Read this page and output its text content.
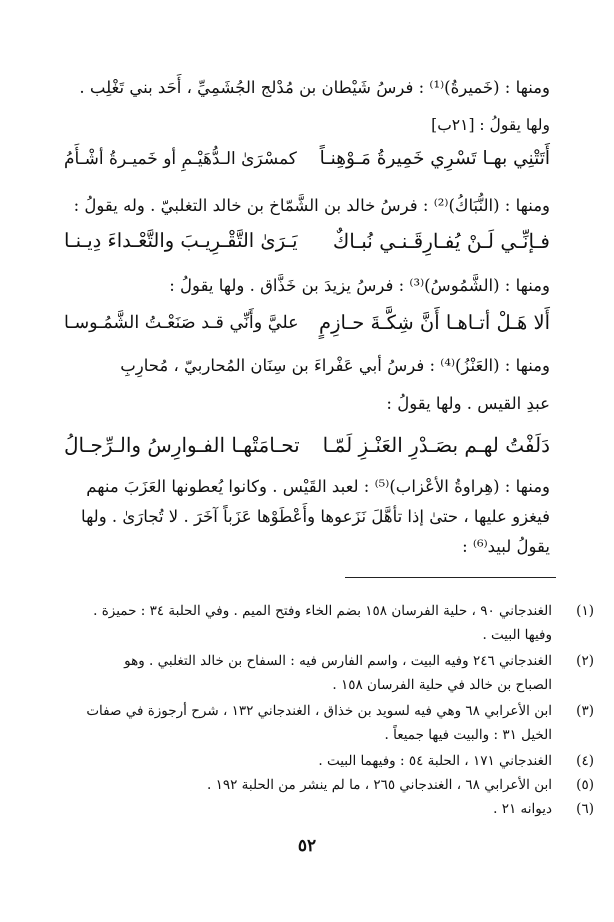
ومنها : (خَميرةُ)⁽¹⁾ : فرسُ شَيْطان بن مُدْلج الجُشَمِيِّ ، أَحَد بني تَغْلِب .
ولها يقولُ : [٢١ب]
أَتَتْنِي بهـا تَسْرِي خَمِيرةُ مَـوْهِنـاً
كمسْرَىٰ الـدُّهَيْـمِ أو خَميـرةُ أشْـأَمُ
ومنها : (النُّبَاكُ)⁽²⁾ : فرسُ خالد بن الشَّمّاخ بن خالد التغلبيّ . وله يقولُ :
فـإنِّـي لَـنْ يُفـارِقَـنـي نُبـاكٌ
يَـرَىٰ التَّقْـرِيـبَ والتَّعْـداءَ دِيـنـا
ومنها : (الشَّمُوسُ)⁽³⁾ : فرسُ يزيدَ بن خَذَّاق . ولها يقولُ :
أَلا هَـلْ أتـاهـا أَنَّ شِكَّـةَ حـازِمٍ
عليَّ وأَنِّي قـد صَنَعْـتُ الشَّمُـوسـا
ومنها : (العَنْزُ)⁽⁴⁾ : فرسُ أبي عَفْراءَ بن سِنَان المُحاربيّ ، مُحارِبِ
عبدِ القيس . ولها يقولُ :
دَلَفْتُ لهـم بصَـدْرِ العَنْـزِ لَمّـا
تحـامَتْهـا الفـوارِسُ والـرِّجـالُ
ومنها : (هِراوةُ الأعْزاب)⁽⁵⁾ : لعبد القَيْس . وكانوا يُعطونها العَزَبَ منهم
فيغزو عليها ، حتىٰ إذا تأهَّلَ نَزَعوها وأَعْطَوْها عَزَباً آخَرَ . لا تُجارَىٰ . ولها
يقولُ لبيد⁽⁶⁾ :
(١)
الغندجاني ٩٠ ، حلية الفرسان ١٥٨ بضم الخاء وفتح الميم . وفي الحلبة ٣٤ : حميزة .
وفيها البيت .
(٢)
الغندجاني ٢٤٦ وفيه البيت ، واسم الفارس فيه : السفاح بن خالد التغلبي . وهو
الصباح بن خالد في حلية الفرسان ١٥٨ .
(٣)
ابن الأعرابي ٦٨ وهي فيه لسويد بن خذاق ، الغندجاني ١٣٢ ، شرح أرجوزة في صفات
الخيل ٣١ : والبيت فيها جميعاً .
(٤)
الغندجاني ١٧١ ، الحلبة ٥٤ : وفيهما البيت .
(٥)
ابن الأعرابي ٦٨ ، الغندجاني ٢٦٥ ، ما لم ينشر من الحلبة ١٩٢ .
(٦)
ديوانه ٢١ .
٥٢
